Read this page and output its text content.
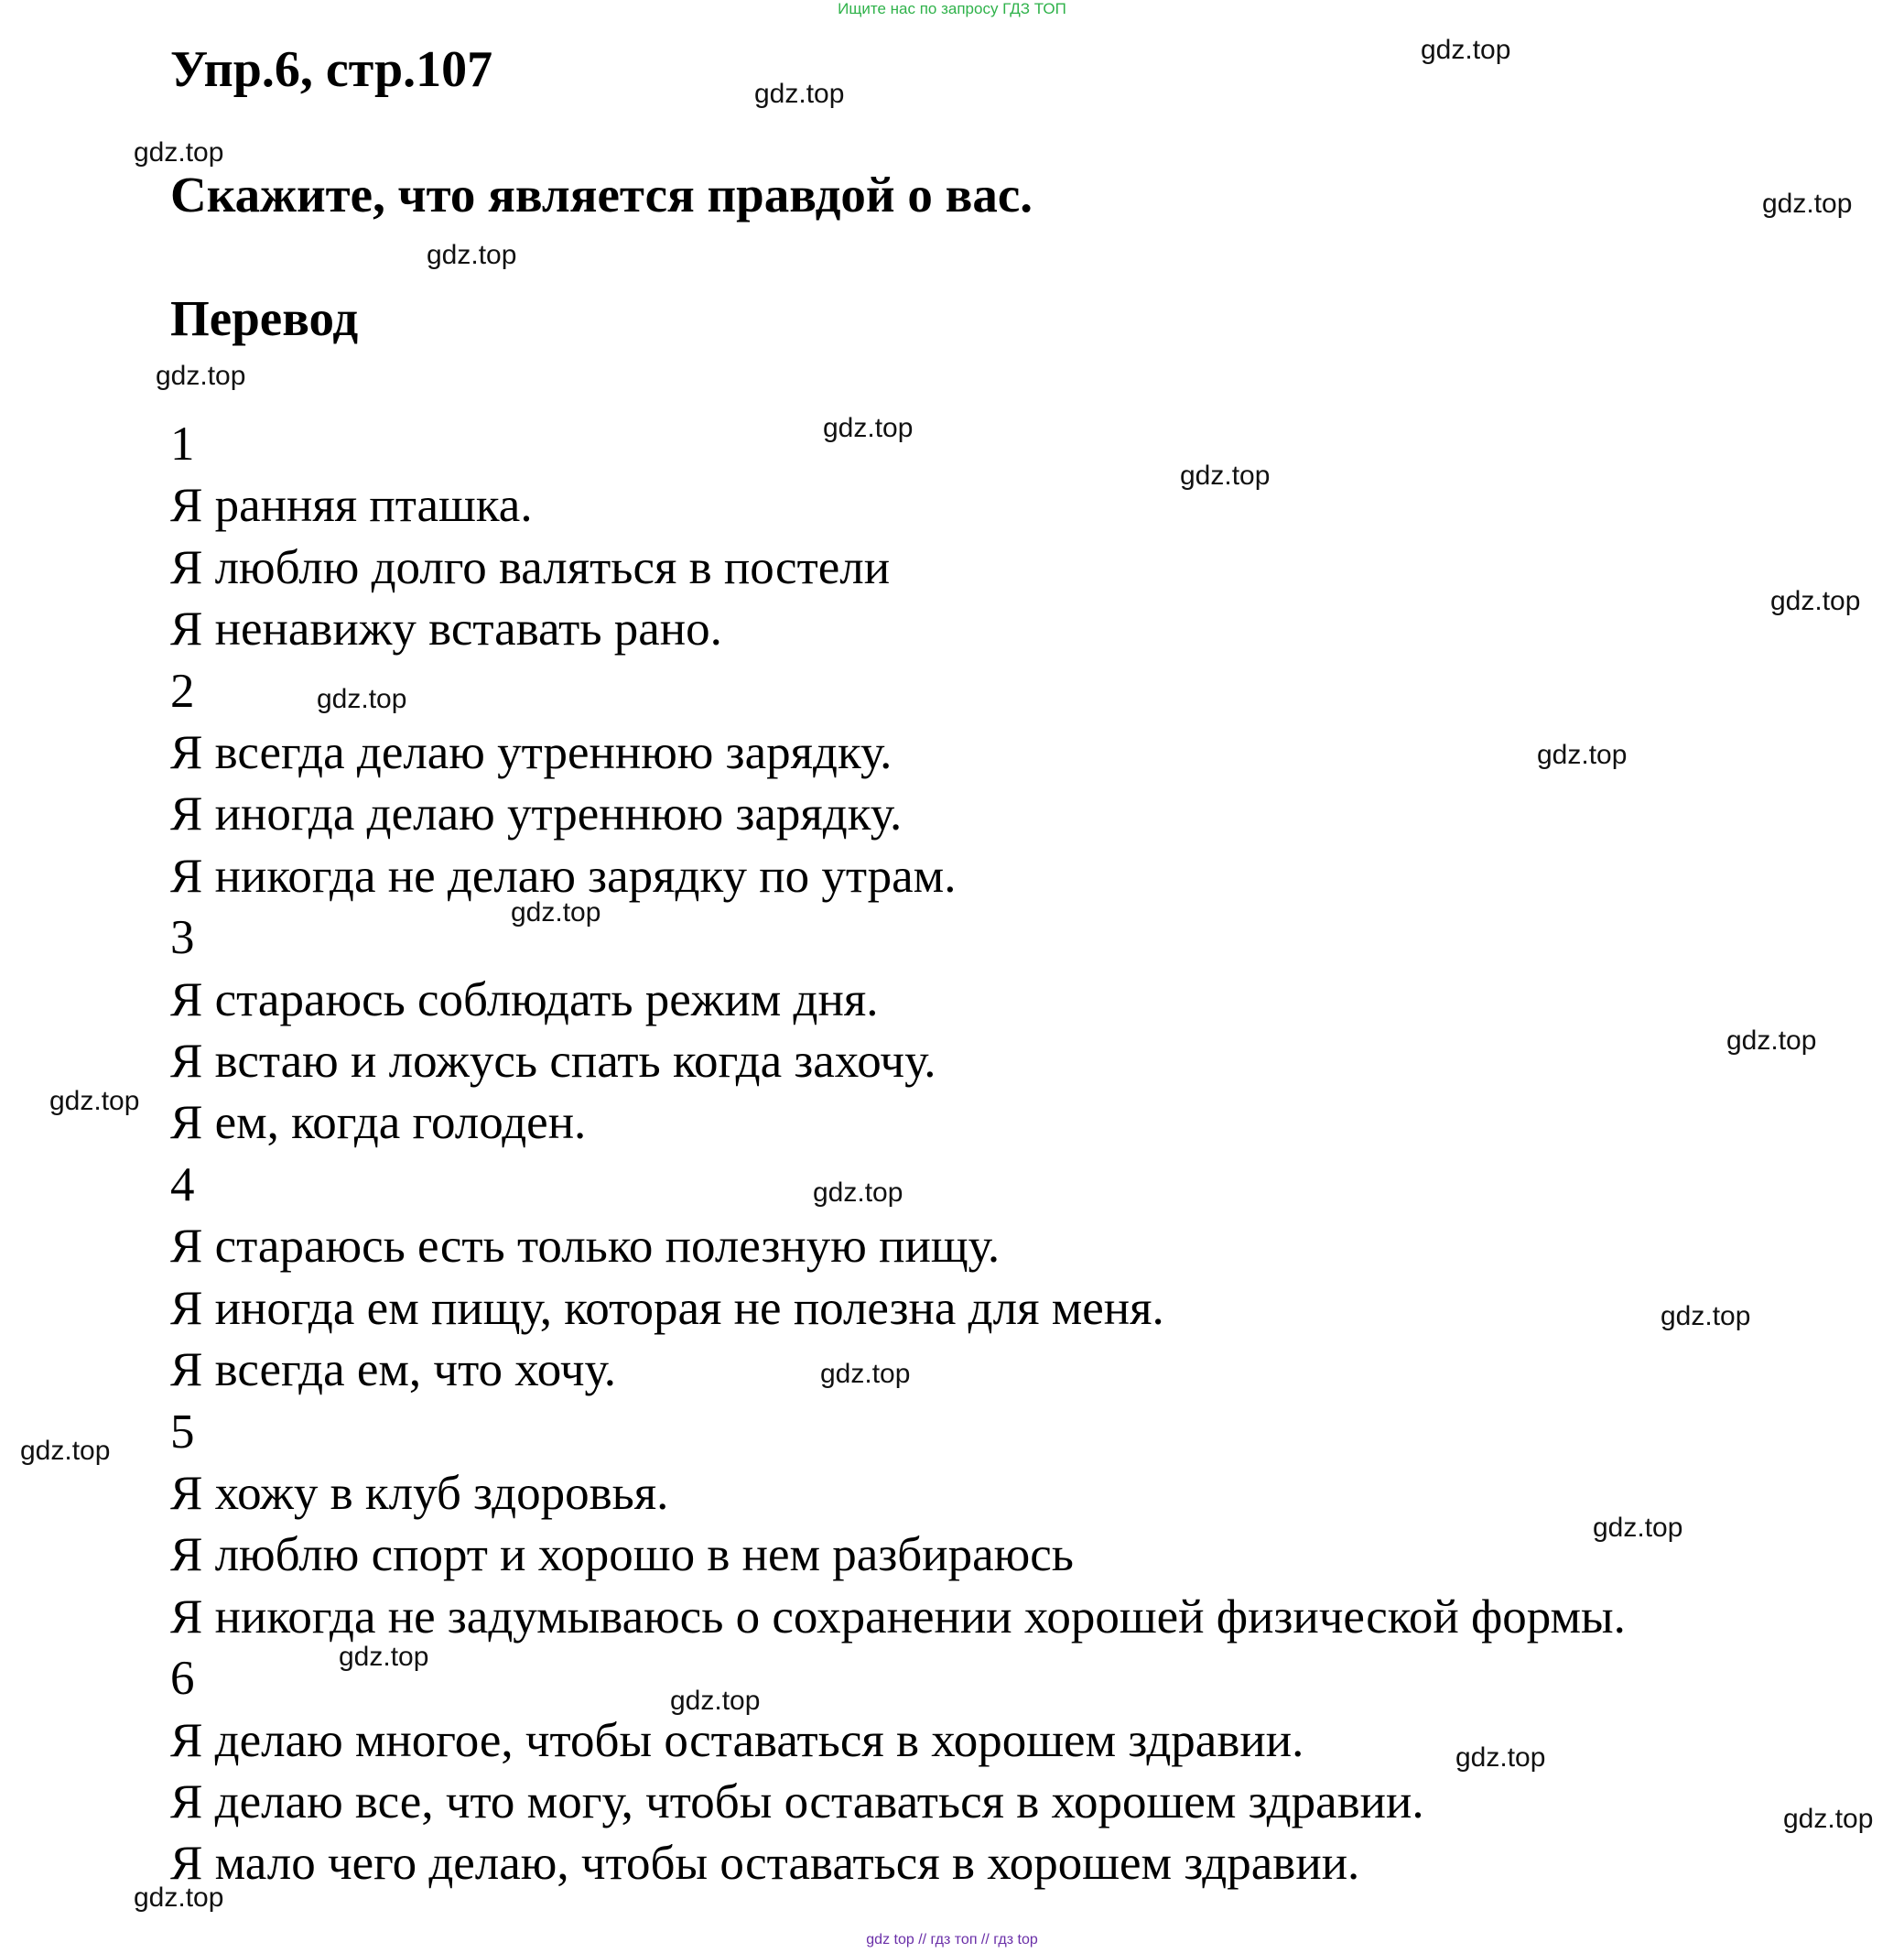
Ищите нас по запросу ГДЗ ТОП
Упр.6, стр.107
Скажите, что является правдой о вас.
Перевод

1

Я ранняя пташка.

Я люблю долго валяться в постели

Я ненавижу вставать рано.

2

Я всегда делаю утреннюю зарядку.

Я иногда делаю утреннюю зарядку.

Я никогда не делаю зарядку по утрам.

3

Я стараюсь соблюдать режим дня.

Я встаю и ложусь спать когда захочу.

Я ем, когда голоден.

4

Я стараюсь есть только полезную пищу.

Я иногда ем пищу, которая не полезна для меня.

Я всегда ем, что хочу.

5

Я хожу в клуб здоровья.

Я люблю спорт и хорошо в нем разбираюсь

Я никогда не задумываюсь о сохранении хорошей физической формы.

6

Я делаю многое, чтобы оставаться в хорошем здравии.

Я делаю все, что могу, чтобы оставаться в хорошем здравии.

Я мало чего делаю, чтобы оставаться в хорошем здравии.

gdz.top
gdz.top
gdz.top
gdz.top
gdz.top
gdz.top
gdz.top
gdz.top
gdz.top
gdz.top
gdz.top
gdz.top
gdz.top
gdz.top
gdz.top
gdz.top
gdz.top
gdz.top
gdz.top
gdz.top
gdz.top
gdz.top
gdz.top
gdz.top
gdz top // гдз топ // гдз top
